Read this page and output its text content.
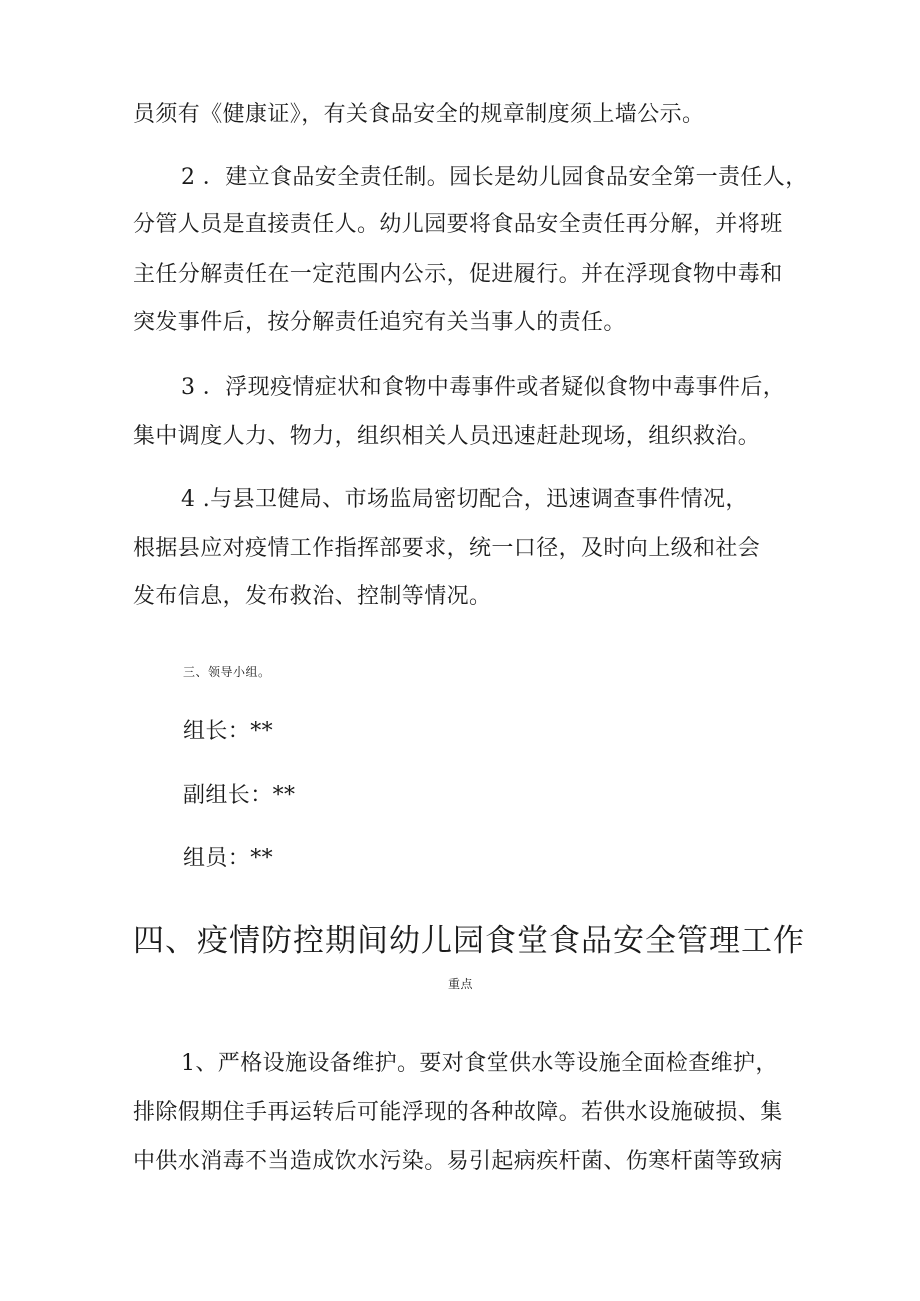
员须有《健康证》，有关食品安全的规章制度须上墙公示。
2 ．建立食品安全责任制。园长是幼儿园食品安全第一责任人，
分管人员是直接责任人。幼儿园要将食品安全责任再分解，并将班
主任分解责任在一定范围内公示，促进履行。并在浮现食物中毒和
突发事件后，按分解责任追究有关当事人的责任。
3 ．浮现疫情症状和食物中毒事件或者疑似食物中毒事件后，
集中调度人力、物力，组织相关人员迅速赶赴现场，组织救治。
4 .与县卫健局、市场监局密切配合，迅速调查事件情况，
根据县应对疫情工作指挥部要求，统一口径，及时向上级和社会
发布信息，发布救治、控制等情况。
三、领导小组。
组长：**
副组长：**
组员：**
四、疫情防控期间幼儿园食堂食品安全管理工作
重点
1、严格设施设备维护。要对食堂供水等设施全面检查维护，
排除假期住手再运转后可能浮现的各种故障。若供水设施破损、集
中供水消毒不当造成饮水污染。易引起病疾杆菌、伤寒杆菌等致病
